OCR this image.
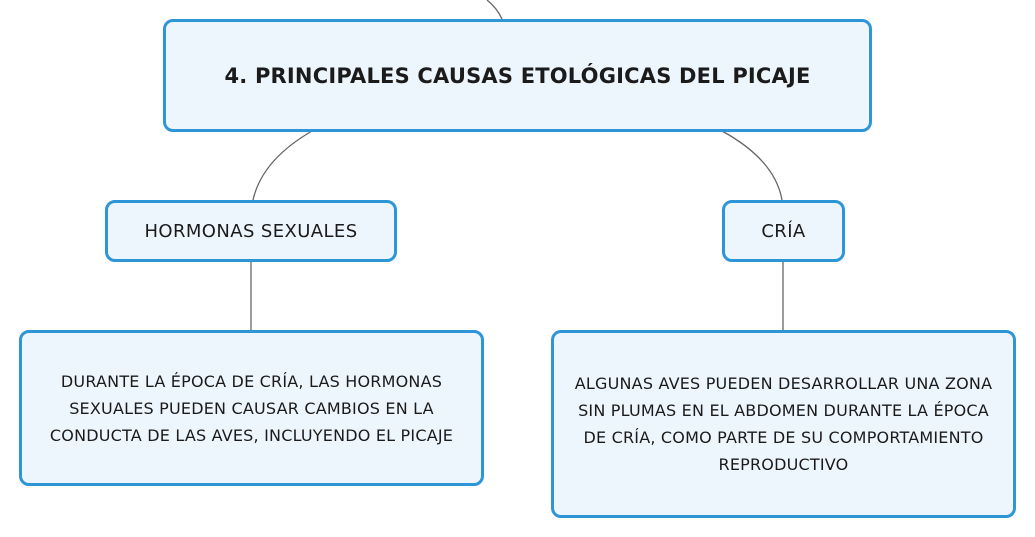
4. PRINCIPALES CAUSAS ETOLÓGICAS DEL PICAJE
HORMONAS SEXUALES	CRÍA
DURANTE LA ÉPOCA DE CRÍA, LAS HORMONAS SEXUALES PUEDEN CAUSAR CAMBIOS EN LA CONDUCTA DE LAS AVES, INCLUYENDO EL PICAJE
ALGUNAS AVES PUEDEN DESARROLLAR UNA ZONA SIN PLUMAS EN EL ABDOMEN DURANTE LA ÉPOCA DE CRÍA, COMO PARTE DE SU COMPORTAMIENTO REPRODUCTIVO
